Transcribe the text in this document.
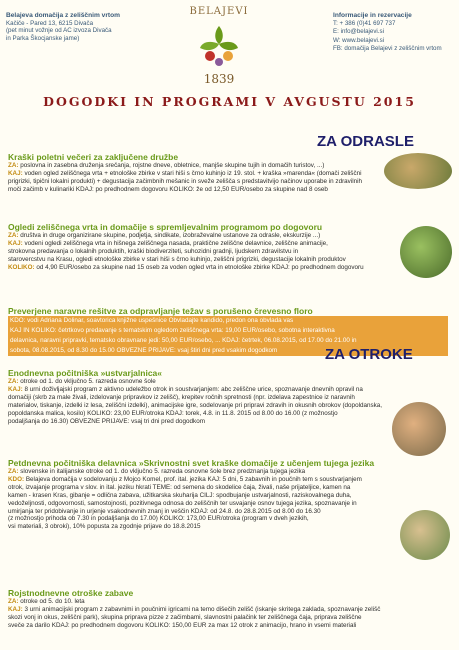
Belajeva domačija z zeliščnim vrtom
Kačiče - Pared 13, 6215 Divača
(pet minut vožnje od AC izvoza Divača
in Parka Škocjanske jame)
BELAJEVI
1839
Informacije in rezervacije
T: + 386 (0)41 697 737
E: info@belajevi.si
W: www.belajevi.si
FB: domačija Belajevi z zeliščnim vrtom
DOGODKI IN PROGRAMI V AVGUSTU 2015
ZA ODRASLE
Kraški poletni večeri za zaključene družbe
ZA: poslovna in zasebna druženja srečanja, rojstne dneve, obletnice, manjše skupine tujih in domačih turistov, ...)
KAJ: voden ogled zeliščnega vrta + etnološke zbirke v stari hiši s črno kuhinjo iz 19. stol. + kraška »marenda« (domači zeliščni
prigrizki, tipični lokalni produkti) + degustacija začimbnih mešanic in sveže zelišča s predstavitvijo načinov uporabe in zdravilnih
moči začimb v kulinariki KDAJ: po predhodnem dogovoru KOLIKO: že od 12,50 EUR/osebo za skupine nad 8 oseb
Ogledi zeliščnega vrta in domačije s spremljevalnim programom po dogovoru
ZA: društva in druge organizirane skupine, podjetja, sindikate, izobraževalne ustanove za odrasle, ekskurzije ...)
KAJ: vodeni ogledi zeliščnega vrta in hišnega zeliščnega nasada, praktične zeliščne delavnice, zeliščne animacije,
strokovna predavanja o lokalnih produktih, kraški biodiverziteti, suhozidni gradnji, ljudskem zdravilstvu in
starovercstvu na Krasu, ogledi etnološke zbirke v stari hiši s črno kuhinjo, zeliščni prigrizki, degustacije lokalnih produktov
KOLIKO: od 4,90 EUR/osebo za skupine nad 15 oseb za voden ogled vrta in etnološke zbirke KDAJ: po predhodnem dogovoru
Preverjene naravne rešitve za odpravljanje težav s porušeno črevesno floro
KDO: vodi Adriana Dolinar, soavtorica knjižne uspešnice Obvladajte kandido, predon ona obvlada vas
KAJ IN KOLIKO: četrtkovo predavanje s tematskim ogledom zeliščnega vrta: 19,00 EUR/osebo, sobotna interaktivna
delavnica, naravni pripravki, tematsko obravnane jedi: 50,00 EUR/osebo, ... KDAJ: četrtek, 06.08.2015, od 17.00 do 21.00 in
sobota, 08.08.2015, od 8.30 do 15.00 OBVEZNE PRIJAVE: vsaj štiri dni pred vsakim dogodkom	ZA OTROKE
Enodnevna počitniška »ustvarjalnica«
ZA: otroke od 1. do vključno 5. razreda osnovne šole
KAJ: 8 urni doživljajski program z aktivno udeležbo otrok in soustvarjanjem: abc zeliščne urice, spoznavanje dnevnih opravil na
domačiji (skrb za male živali, izdelovanje pripravkov iz zelišč), krepitev ročnih spretnosti (npr. izdelava zapestnice iz naravnih
materialov, tiskanje, izdelki iz lesa, zeliščni izdelki), animacijske igre, sodelovanje pri pripravi zdravih in okusnih obrokov (dopoldanska,
popoldanska malica, kosilo) KOLIKO: 23,00 EUR/otroka KDAJ: torek, 4.8. in 11.8. 2015 od 8.00 do 16.00 (z možnostjo
podaljšanja do 16.30) OBVEZNE PRIJAVE: vsaj tri dni pred dogodkom
Petdnevna počitniška delavnica »Skrivnostni svet kraške domačije z učenjem tujega jezika
ZA: slovenske in italijanske otroke od 1. do vključno 5. razreda osnovne šole brez predznanja tujega jezika
KDO: Belajeva domačija v sodelovanju z Mojco Komel, prof. ital. jezika KAJ: 5 dni, 5 zabavnih in poučnih tem s soustvarjanjem
otrok, izvajanje programa v slov. in ital. jeziku hkrati TEME: od semena do skodelice čaja, živali, naše prijateljice, kamen na
kamen - krasen Kras, gibanje = odlična zabava, užitkarska skuharija CILJ: spodbujanje ustvarjalnosti, raziskovalnega duha,
vedoželjnosti, odgovornosti, samostojnosti, pozitivnega odnosa do zeliščnih ter usvajanje osnov tujega jezika, spoznavanje in
umirjanja ter pridobivanje in urjenje vsakodnevnih znanj in veščin KDAJ: od 24.8. do 28.8.2015 od 8.00 do 16.30
(z možnostjo prihoda ob 7.30 in podaljšanja do 17.00) KOLIKO: 173,00 EUR/otroka (program v dveh jezikih,
vsi materiali, 3 obroki), 10% popusta za zgodnje prijave do 18.8.2015
Rojstnodnevne otroške zabave
ZA: otroke od 5. do 10. leta
KAJ: 3 urni animacijski program z zabavnimi in poučnimi igricami na temo dišečih zelišč (iskanje skritega zaklada, spoznavanje zelišč
skozi vonj in okus, zeliščni park), skupina priprava pizze z začimbami, slavnostni palačink ter zeliščnega čaja, priprava zeliščne
sveče za darilo KDAJ: po predhodnem dogovoru KOLIKO: 150,00 EUR za max 12 otrok z animacijo, hrano in vsemi materiali
